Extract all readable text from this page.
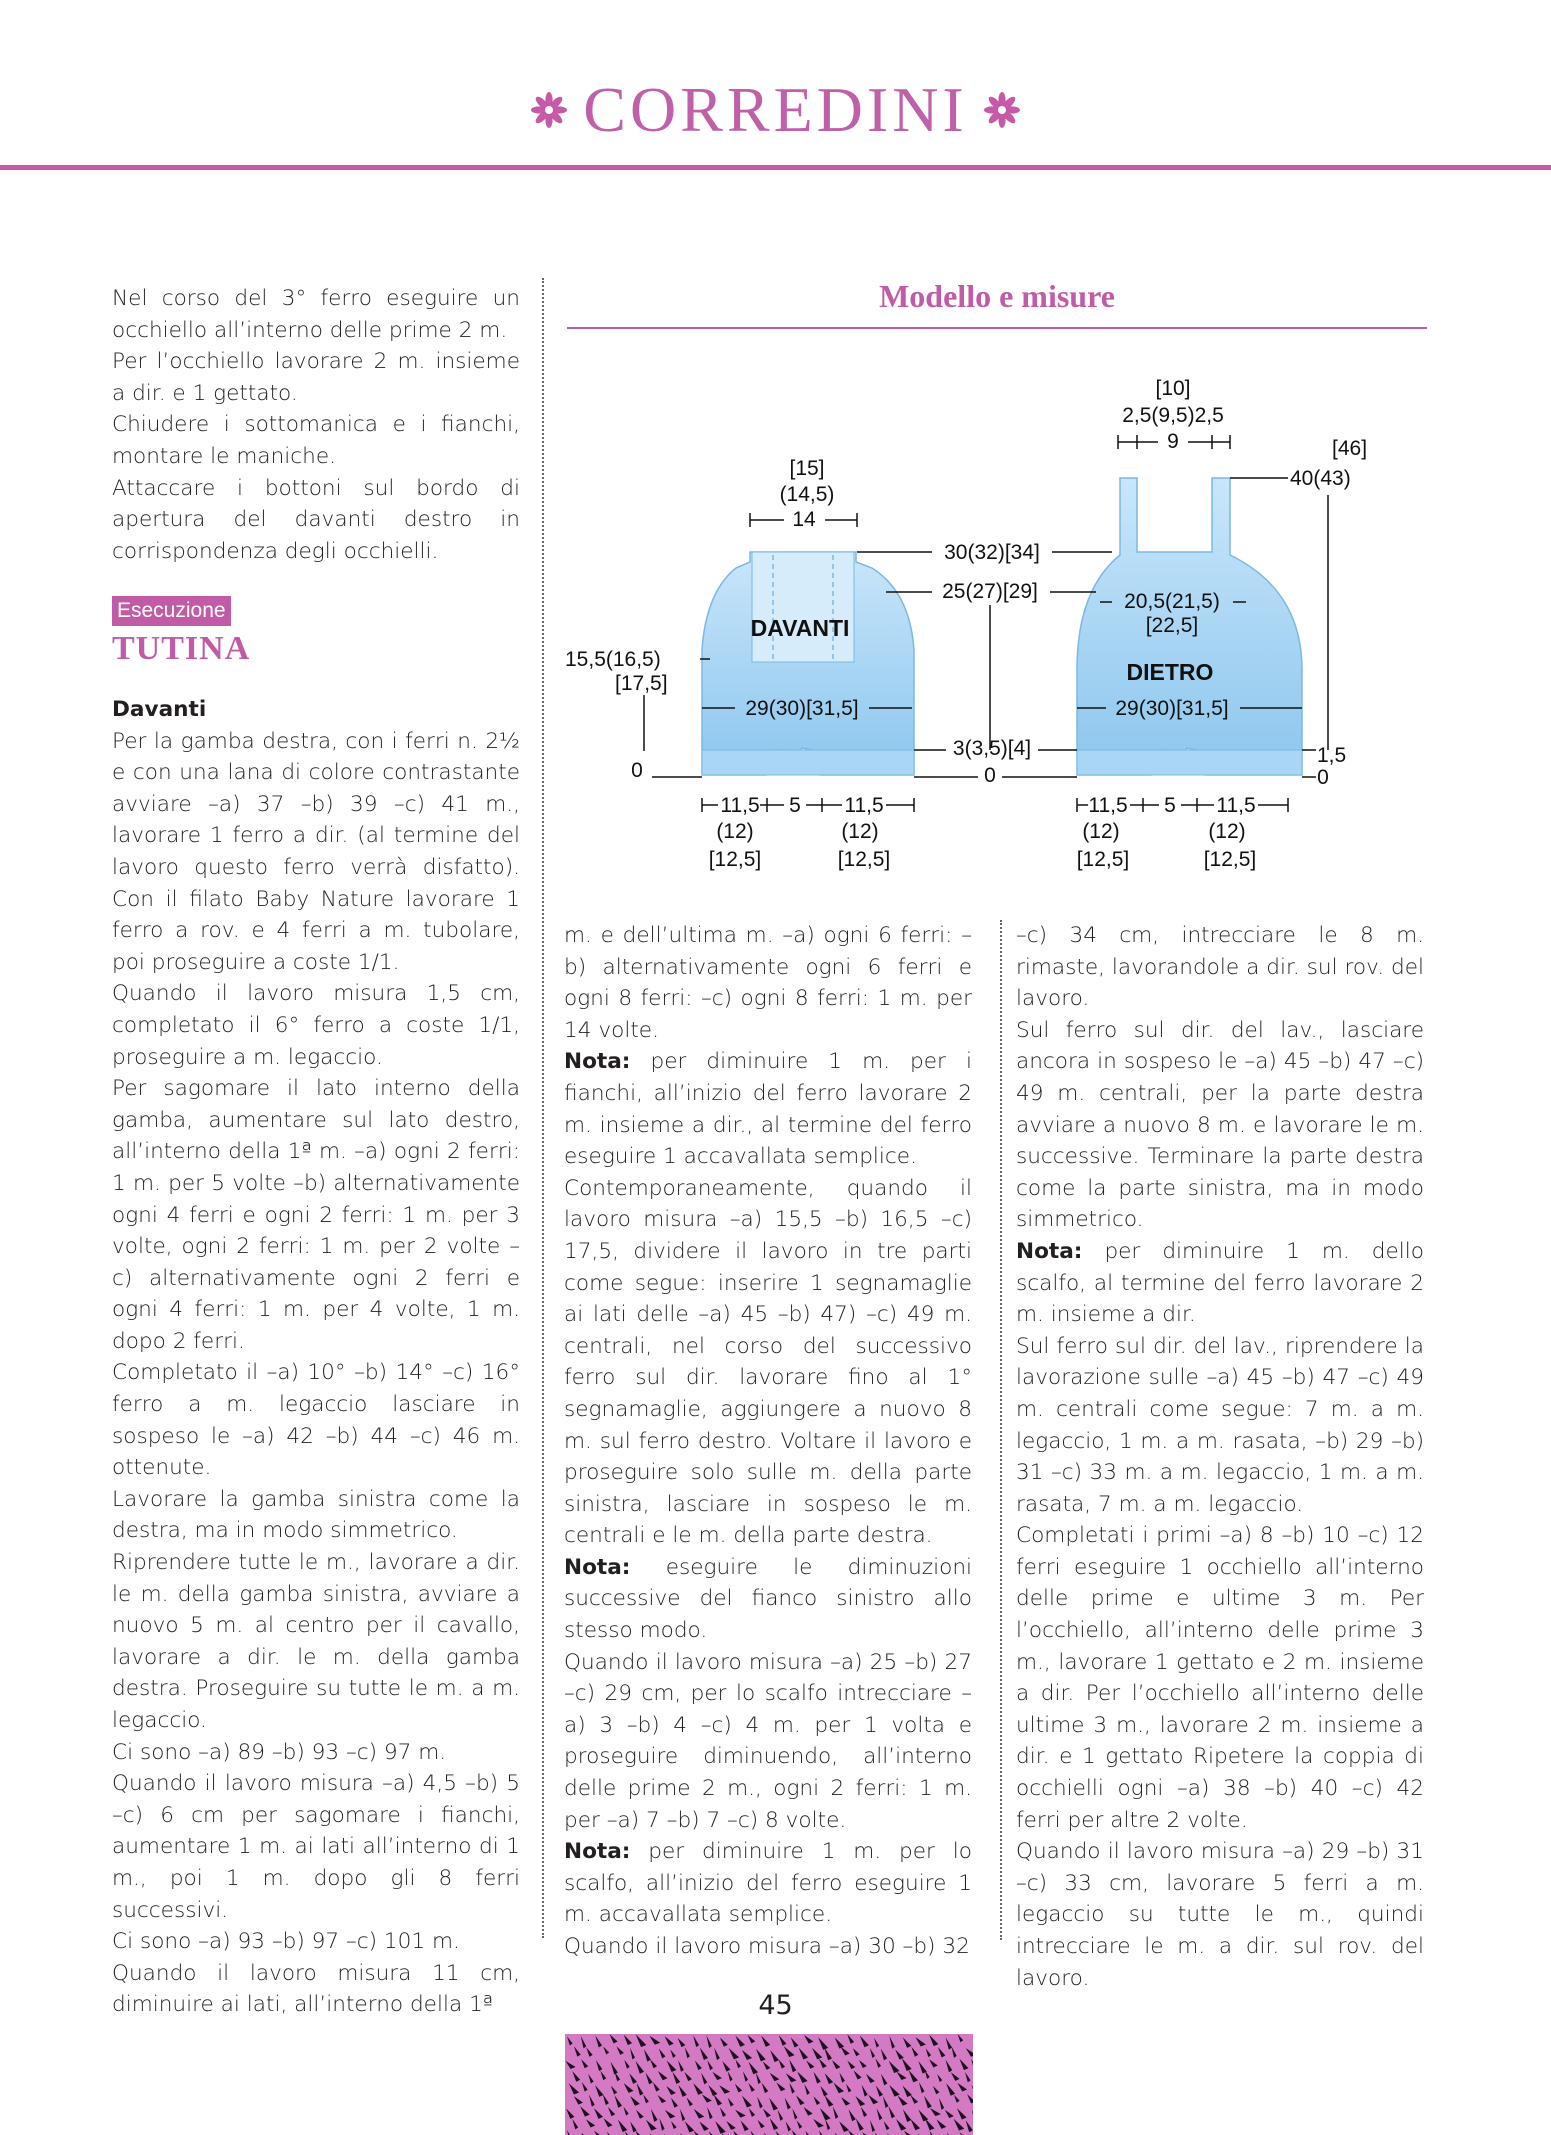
CORREDINI

Nel corso del 3° ferro eseguire un occhiello all’interno delle prime 2 m.

Per l’occhiello lavorare 2 m. insieme a dir. e 1 gettato.

Chiudere i sottomanica e i fianchi, montare le maniche.

Attaccare i bottoni sul bordo di apertura del davanti destro in corrispondenza degli occhielli.

Esecuzione
TUTINA

Davanti

Per la gamba destra, con i ferri n. 2½ e con una lana di colore contrastante avviare –a) 37 –b) 39 –c) 41 m., lavorare 1 ferro a dir. (al termine del lavoro questo ferro verrà disfatto). Con il filato Baby Nature lavorare 1 ferro a rov. e 4 ferri a m. tubolare, poi proseguire a coste 1/1.

Quando il lavoro misura 1,5 cm, completato il 6° ferro a coste 1/1, proseguire a m. legaccio.

Per sagomare il lato interno della gamba, aumentare sul lato destro, all’interno della 1ª m. –a) ogni 2 ferri: 1 m. per 5 volte –b) alternativamente ogni 4 ferri e ogni 2 ferri: 1 m. per 3 volte, ogni 2 ferri: 1 m. per 2 volte –c) alternativamente ogni 2 ferri e ogni 4 ferri: 1 m. per 4 volte, 1 m. dopo 2 ferri.

Completato il –a) 10° –b) 14° –c) 16° ferro a m. legaccio lasciare in sospeso le –a) 42 –b) 44 –c) 46 m. ottenute.

Lavorare la gamba sinistra come la destra, ma in modo simmetrico.

Riprendere tutte le m., lavorare a dir. le m. della gamba sinistra, avviare a nuovo 5 m. al centro per il cavallo, lavorare a dir. le m. della gamba destra. Proseguire su tutte le m. a m. legaccio.

Ci sono –a) 89 –b) 93 –c) 97 m.

Quando il lavoro misura –a) 4,5 –b) 5 –c) 6 cm per sagomare i fianchi, aumentare 1 m. ai lati all’interno di 1 m., poi 1 m. dopo gli 8 ferri successivi.

Ci sono –a) 93 –b) 97 –c) 101 m.

Quando il lavoro misura 11 cm, diminuire ai lati, all’interno della 1ª

m. e dell’ultima m. –a) ogni 6 ferri: –b) alternativamente ogni 6 ferri e ogni 8 ferri: –c) ogni 8 ferri: 1 m. per 14 volte.

Nota: per diminuire 1 m. per i fianchi, all’inizio del ferro lavorare 2 m. insieme a dir., al termine del ferro eseguire 1 accavallata semplice.

Contemporaneamente, quando il lavoro misura –a) 15,5 –b) 16,5 –c) 17,5, dividere il lavoro in tre parti come segue: inserire 1 segnamaglie ai lati delle –a) 45 –b) 47) –c) 49 m. centrali, nel corso del successivo ferro sul dir. lavorare fino al 1° segnamaglie, aggiungere a nuovo 8 m. sul ferro destro. Voltare il lavoro e proseguire solo sulle m. della parte sinistra, lasciare in sospeso le m. centrali e le m. della parte destra.

Nota: eseguire le diminuzioni successive del fianco sinistro allo stesso modo.

Quando il lavoro misura –a) 25 –b) 27 –c) 29 cm, per lo scalfo intrecciare –a) 3 –b) 4 –c) 4 m. per 1 volta e proseguire diminuendo, all’interno delle prime 2 m., ogni 2 ferri: 1 m. per –a) 7 –b) 7 –c) 8 volte.

Nota: per diminuire 1 m. per lo scalfo, all’inizio del ferro eseguire 1 m. accavallata semplice.

Quando il lavoro misura –a) 30 –b) 32

–c) 34 cm, intrecciare le 8 m. rimaste, lavorandole a dir. sul rov. del lavoro.

Sul ferro sul dir. del lav., lasciare ancora in sospeso le –a) 45 –b) 47 –c) 49 m. centrali, per la parte destra avviare a nuovo 8 m. e lavorare le m. successive. Terminare la parte destra come la parte sinistra, ma in modo simmetrico.

Nota: per diminuire 1 m. dello scalfo, al termine del ferro lavorare 2 m. insieme a dir.

Sul ferro sul dir. del lav., riprendere la lavorazione sulle –a) 45 –b) 47 –c) 49 m. centrali come segue: 7 m. a m. legaccio, 1 m. a m. rasata, –b) 29 –b) 31 –c) 33 m. a m. legaccio, 1 m. a m. rasata, 7 m. a m. legaccio.

Completati i primi –a) 8 –b) 10 –c) 12 ferri eseguire 1 occhiello all’interno delle prime e ultime 3 m. Per l’occhiello, all’interno delle prime 3 m., lavorare 1 gettato e 2 m. insieme a dir. Per l’occhiello all’interno delle ultime 3 m., lavorare 2 m. insieme a dir. e 1 gettato Ripetere la coppia di occhielli ogni –a) 38 –b) 40 –c) 42 ferri per altre 2 volte.

Quando il lavoro misura –a) 29 –b) 31 –c) 33 cm, lavorare 5 ferri a m. legaccio su tutte le m., quindi intrecciare le m. a dir. sul rov. del lavoro.

Modello e misure
DAVANTI
DIETRO
[15]
(14,5)
14
15,5(16,5)
[17,5]
0
29(30)[31,5]
11,5
(12)
[12,5]
5 11,5
(12)
[12,5]
30(32)[34]
25(27)[29]
3(3,5)[4]
0
[10]
2,5(9,5)2,5
9	[46]
40(43)
1,5
0
20,5(21,5)
[22,5]
29(30)[31,5]
11,5
(12)
[12,5]
5 11,5
(12)
[12,5]
45
